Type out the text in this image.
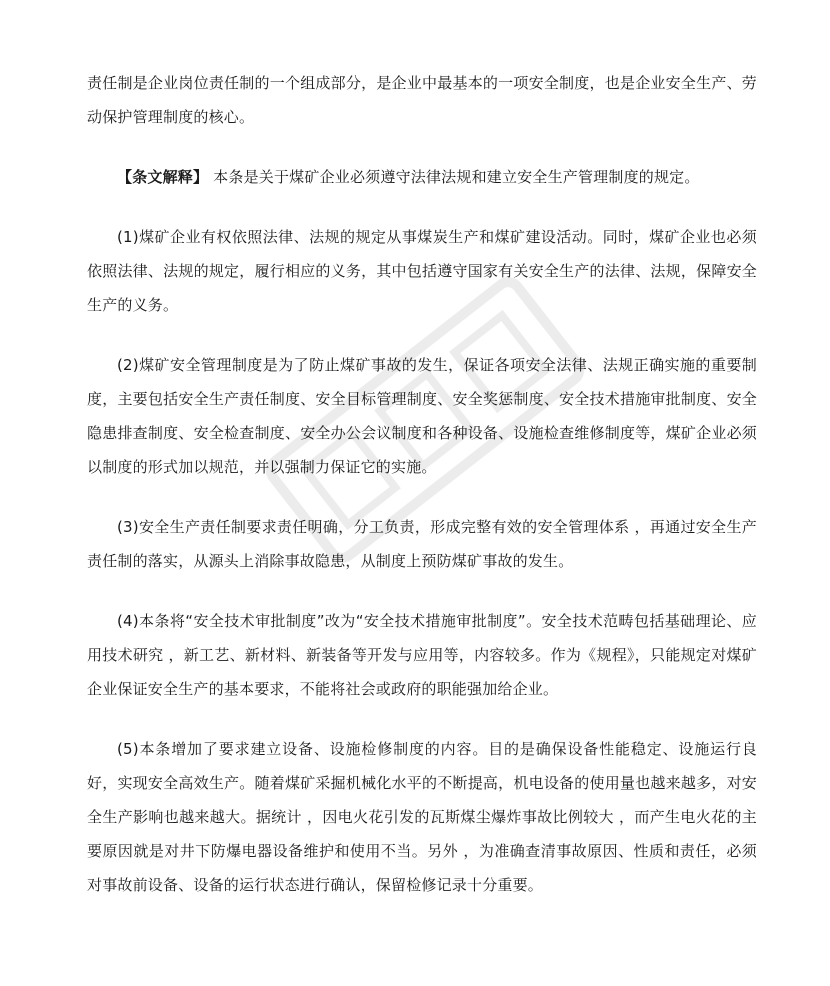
责任制是企业岗位责任制的一个组成部分，是企业中最基本的一项安全制度，也是企业安全生产、劳动保护管理制度的核心。

【条文解释】 本条是关于煤矿企业必须遵守法律法规和建立安全生产管理制度的规定。

(1)煤矿企业有权依照法律、法规的规定从事煤炭生产和煤矿建设活动。同时，煤矿企业也必须依照法律、法规的规定，履行相应的义务，其中包括遵守国家有关安全生产的法律、法规，保障安全生产的义务。

(2)煤矿安全管理制度是为了防止煤矿事故的发生，保证各项安全法律、法规正确实施的重要制度，主要包括安全生产责任制度、安全目标管理制度、安全奖惩制度、安全技术措施审批制度、安全隐患排查制度、安全检查制度、安全办公会议制度和各种设备、设施检查维修制度等，煤矿企业必须以制度的形式加以规范，并以强制力保证它的实施。

(3)安全生产责任制要求责任明确，分工负责，形成完整有效的安全管理体系 ，再通过安全生产责任制的落实，从源头上消除事故隐患，从制度上预防煤矿事故的发生。

(4)本条将“安全技术审批制度”改为“安全技术措施审批制度”。安全技术范畴包括基础理论、应用技术研究 ，新工艺、新材料、新装备等开发与应用等，内容较多。作为《规程》，只能规定对煤矿企业保证安全生产的基本要求，不能将社会或政府的职能强加给企业。

(5)本条增加了要求建立设备、设施检修制度的内容。目的是确保设备性能稳定、设施运行良好，实现安全高效生产。随着煤矿采掘机械化水平的不断提高，机电设备的使用量也越来越多，对安全生产影响也越来越大。据统计 ，因电火花引发的瓦斯煤尘爆炸事故比例较大 ，而产生电火花的主要原因就是对井下防爆电器设备维护和使用不当。另外 ，为准确查清事故原因、性质和责任，必须对事故前设备、设备的运行状态进行确认，保留检修记录十分重要。
